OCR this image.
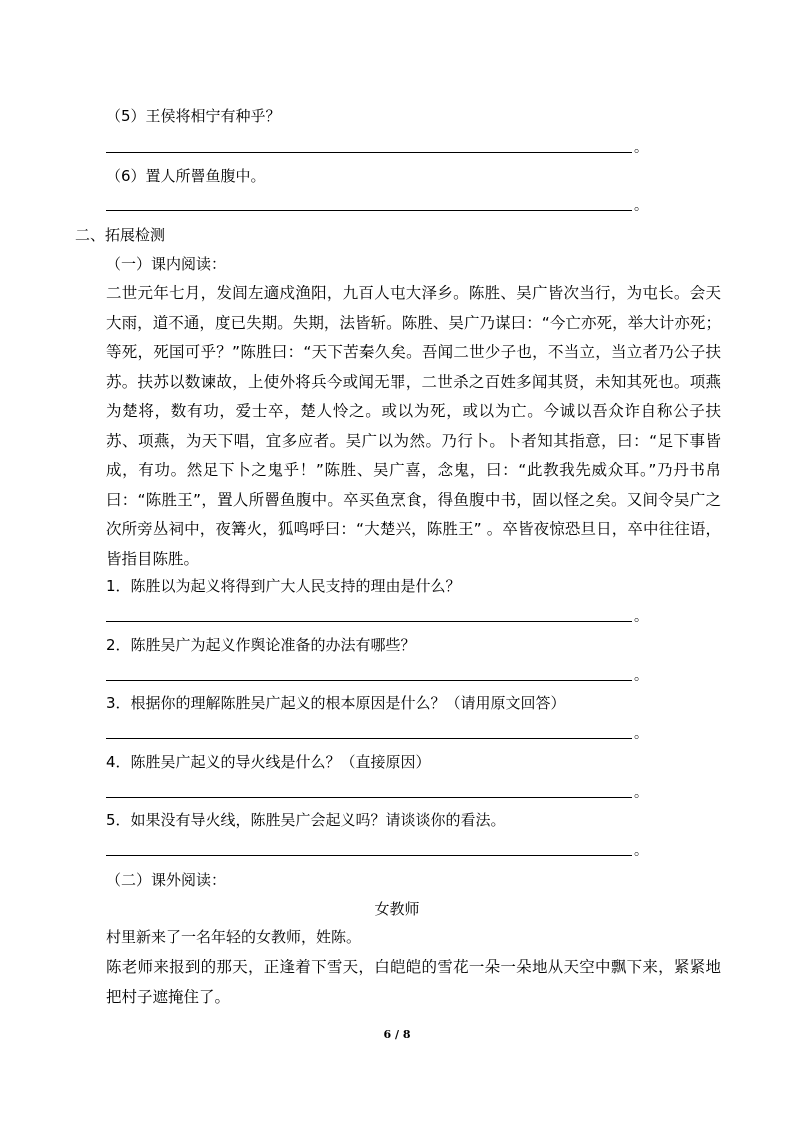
（5）王侯将相宁有种乎？
。
（6）置人所罾鱼腹中。
。
二、拓展检测
（一）课内阅读：
二世元年七月，发闾左適戍渔阳，九百人屯大泽乡。陈胜、吴广皆次当行，为屯长。会天大雨，道不通，度已失期。失期，法皆斩。陈胜、吴广乃谋曰：“今亡亦死，举大计亦死；等死，死国可乎？”陈胜曰：“天下苦秦久矣。吾闻二世少子也，不当立，当立者乃公子扶苏。扶苏以数谏故，上使外将兵今或闻无罪，二世杀之百姓多闻其贤，未知其死也。项燕为楚将，数有功，爱士卒，楚人怜之。或以为死，或以为亡。今诚以吾众诈自称公子扶苏、项燕，为天下唱，宜多应者。吴广以为然。乃行卜。卜者知其指意，曰：“足下事皆成，有功。然足下卜之鬼乎！”陈胜、吴广喜，念鬼，曰：“此教我先威众耳。”乃丹书帛曰：“陈胜王”，置人所罾鱼腹中。卒买鱼烹食，得鱼腹中书，固以怪之矣。又间令吴广之次所旁丛祠中，夜篝火，狐鸣呼曰：“大楚兴，陈胜王” 。卒皆夜惊恐旦日，卒中往往语，皆指目陈胜。
1．陈胜以为起义将得到广大人民支持的理由是什么？
。
2．陈胜吴广为起义作舆论准备的办法有哪些？
。
3．根据你的理解陈胜吴广起义的根本原因是什么？（请用原文回答）
。
4．陈胜吴广起义的导火线是什么？（直接原因）
。
5．如果没有导火线，陈胜吴广会起义吗？请谈谈你的看法。
。
（二）课外阅读：
女教师
村里新来了一名年轻的女教师，姓陈。
陈老师来报到的那天，正逢着下雪天，白皑皑的雪花一朵一朵地从天空中飘下来，紧紧地把村子遮掩住了。
6 / 8
